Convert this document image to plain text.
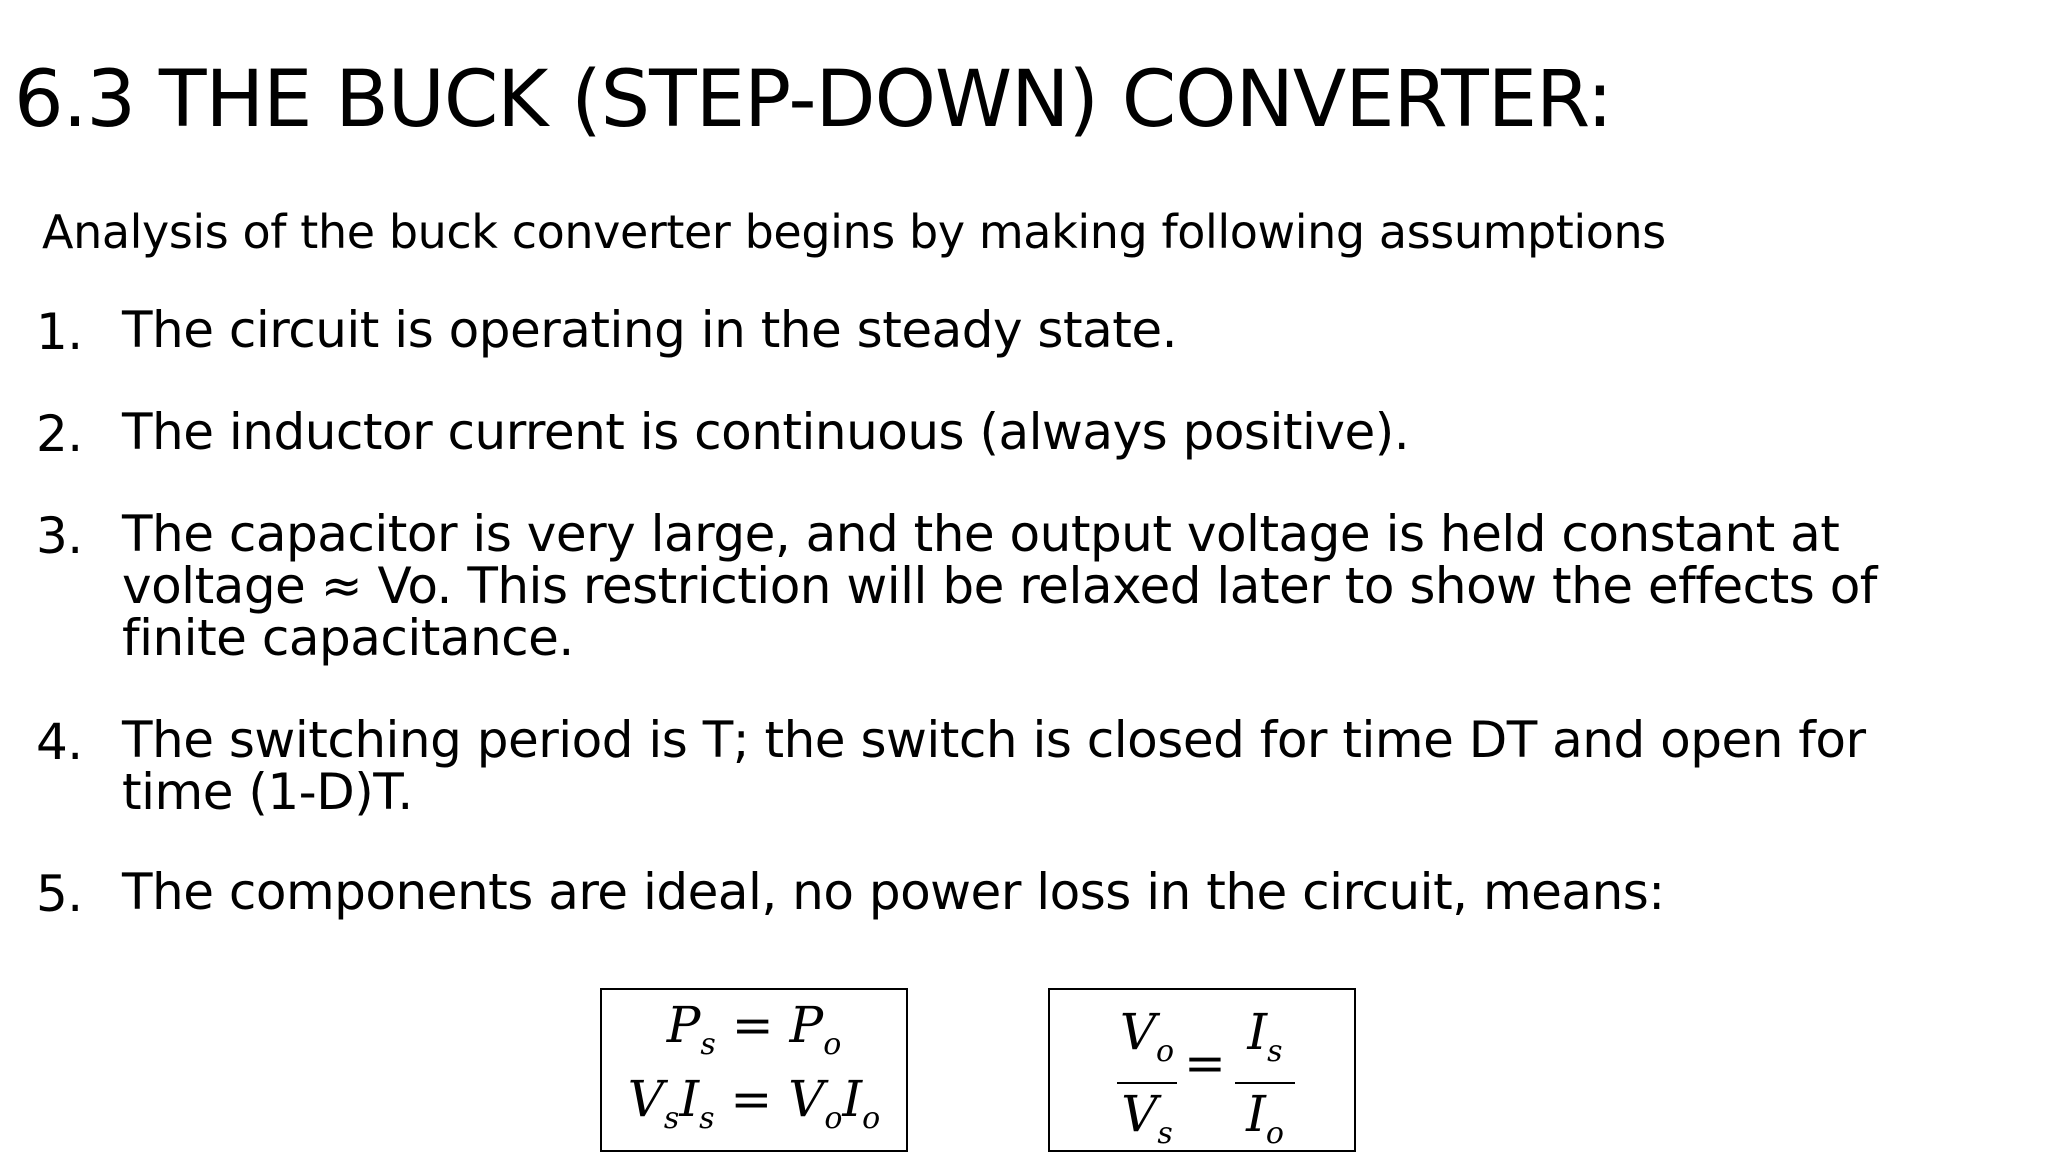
6.3 THE BUCK (STEP-DOWN) CONVERTER:
Analysis of the buck converter begins by making following assumptions
1. The circuit is operating in the steady state.
2. The inductor current is continuous (always positive).
3. The capacitor is very large, and the output voltage is held constant at voltage ≈ Vo. This restriction will be relaxed later to show the effects of finite capacitance.
4. The switching period is T; the switch is closed for time DT and open for time (1-D)T.
5. The components are ideal, no power loss in the circuit, means:
$P_s = P_o$
$V_sI_s = V_oI_o$
$V_o$
$V_s$
=
$I_s$
$I_o$
